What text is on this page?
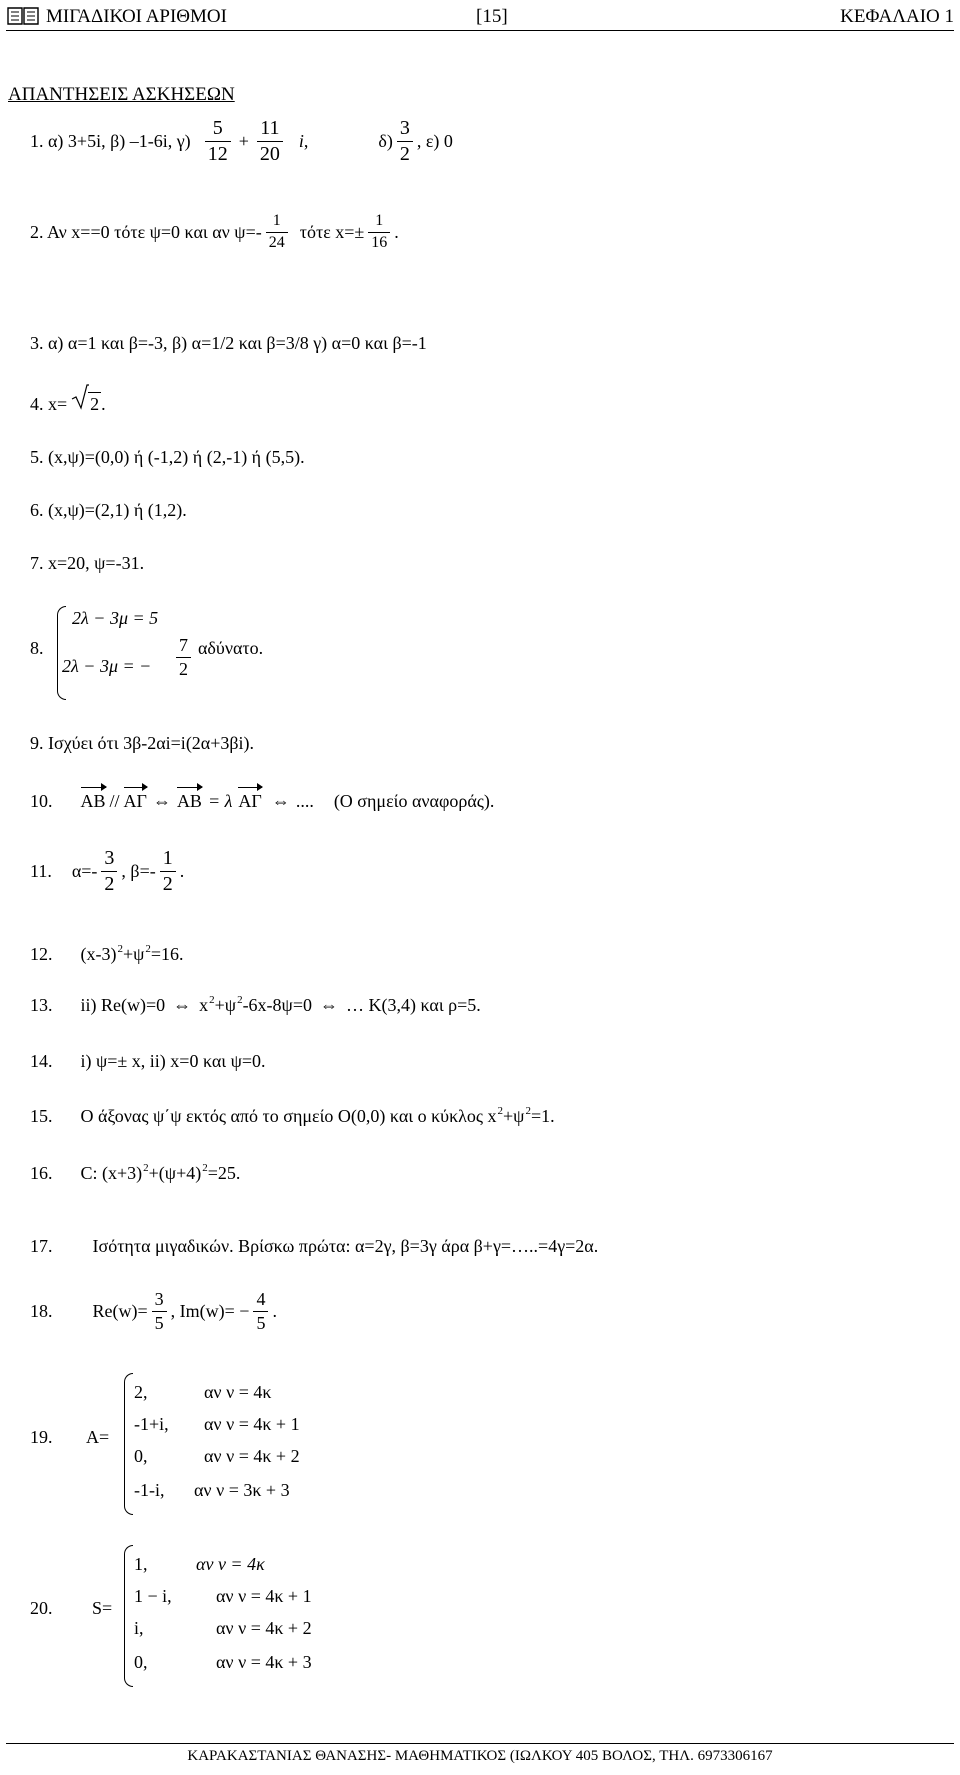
ΜΙΓΑΔΙΚΟΙ ΑΡΙΘΜΟΙ	[15]	ΚΕΦΑΛΑΙΟ 1
ΑΠΑΝΤΗΣΕΙΣ ΑΣΚΗΣΕΩΝ
1. α) 3+5i, β) –1-6i, $\gamma) \frac{5}{12} + \frac{11}{20}$ i ,	$\delta) \frac{3}{2}$ , ε) 0
2. Αν x==0 τότε ψ=0 και αν $\psi=- \frac{1}{24}$ τότε $x=\pm \frac{1}{16}$ .
3. α) α=1 και β=-3, β) α=1/2 και β=3/8 γ) α=0 και β=-1
4. x= 2 .
5. (x,ψ)=(0,0) ή (-1,2) ή (2,-1) ή (5,5).
6. (x,ψ)=(2,1) ή (1,2).
7. x=20, ψ=-31.
8.
2λ − 3μ = 5
2λ − 3μ = − $\frac{7}{2} \alpha\delta ύ\nu\alpha\tau o$.
9. Ισχύει ότι 3β-2αi=i(2α+3βi).
10. ΑΒ // ΑΓ ⇔ ΑΒ = λ ΑΓ ⇔ .... (Ο σημείο αναφοράς).
11. $\alpha=- \frac{3}{2}$ , $\beta=- \frac{1}{2}$ .
12. $(x-3)^2+\psi^2=16$.
13. ii) Re(w)=0 ⇔ $x^2+\psi^2-6x-8\psi=0$ ⇔ … Κ(3,4) και ρ=5.
14. i) ψ=± x, ii) x=0 και ψ=0.
15. Ο άξονας ψ΄ψ εκτός από το σημείο Ο(0,0) και ο κύκλος $x^2+\psi^2=1$.
16. C: $(x+3)^2+(\psi+4)^2=25$.
17. Ισότητα μιγαδικών. Βρίσκω πρώτα: α=2γ, β=3γ άρα β+γ=…..=4γ=2α.
18. $Re(w)= \frac{3}{5}$ , $Im(w)= - \frac{4}{5}$ .
19. A=
2,	αν ν = 4κ
-1+i, αν ν = 4κ + 1
0,	αν ν = 4κ + 2
-1-i, αν ν = 3κ + 3
20. S=
1,	αν ν = 4κ
1 − i, αν ν = 4κ + 1
i,	αν ν = 4κ + 2
0,	αν ν = 4κ + 3
ΚΑΡΑΚΑΣΤΑΝΙΑΣ ΘΑΝΑΣΗΣ- ΜΑΘΗΜΑΤΙΚΟΣ (ΙΩΛΚΟΥ 405 ΒΟΛΟΣ, ΤΗΛ. 6973306167
